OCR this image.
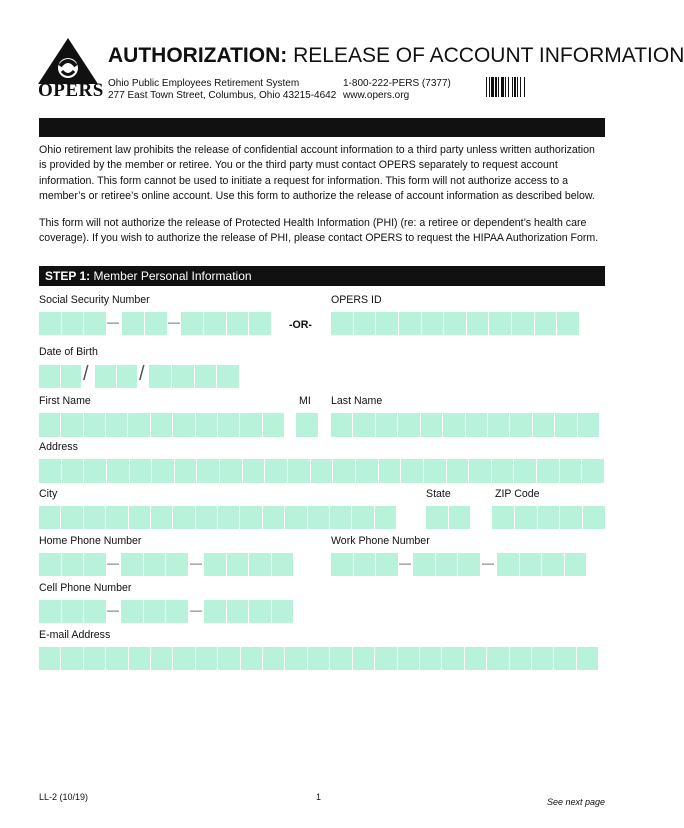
OPERS
AUTHORIZATION: RELEASE OF ACCOUNT INFORMATION
Ohio Public Employees Retirement System
277 East Town Street, Columbus, Ohio 43215-4642
1-800-222-PERS (7377)
www.opers.org
Ohio retirement law prohibits the release of confidential account information to a third party unless written authorization is provided by the member or retiree. You or the third party must contact OPERS separately to request account information. This form cannot be used to initiate a request for information. This form will not authorize access to a member’s or retiree’s online account. Use this form to authorize the release of account information as described below.
This form will not authorize the release of Protected Health Information (PHI) (re: a retiree or dependent’s health care coverage). If you wish to authorize the release of PHI, please contact OPERS to request the HIPAA Authorization Form.
STEP 1: Member Personal Information
Social Security Number
—	—	-OR-
OPERS ID
Date of Birth
/	/
First Name	MI Last Name
Address
City	State	ZIP Code
Home Phone Number
—	—
Work Phone Number
—	—
Cell Phone Number
—	—
E-mail Address
LL-2 (10/19)	1	See next page
